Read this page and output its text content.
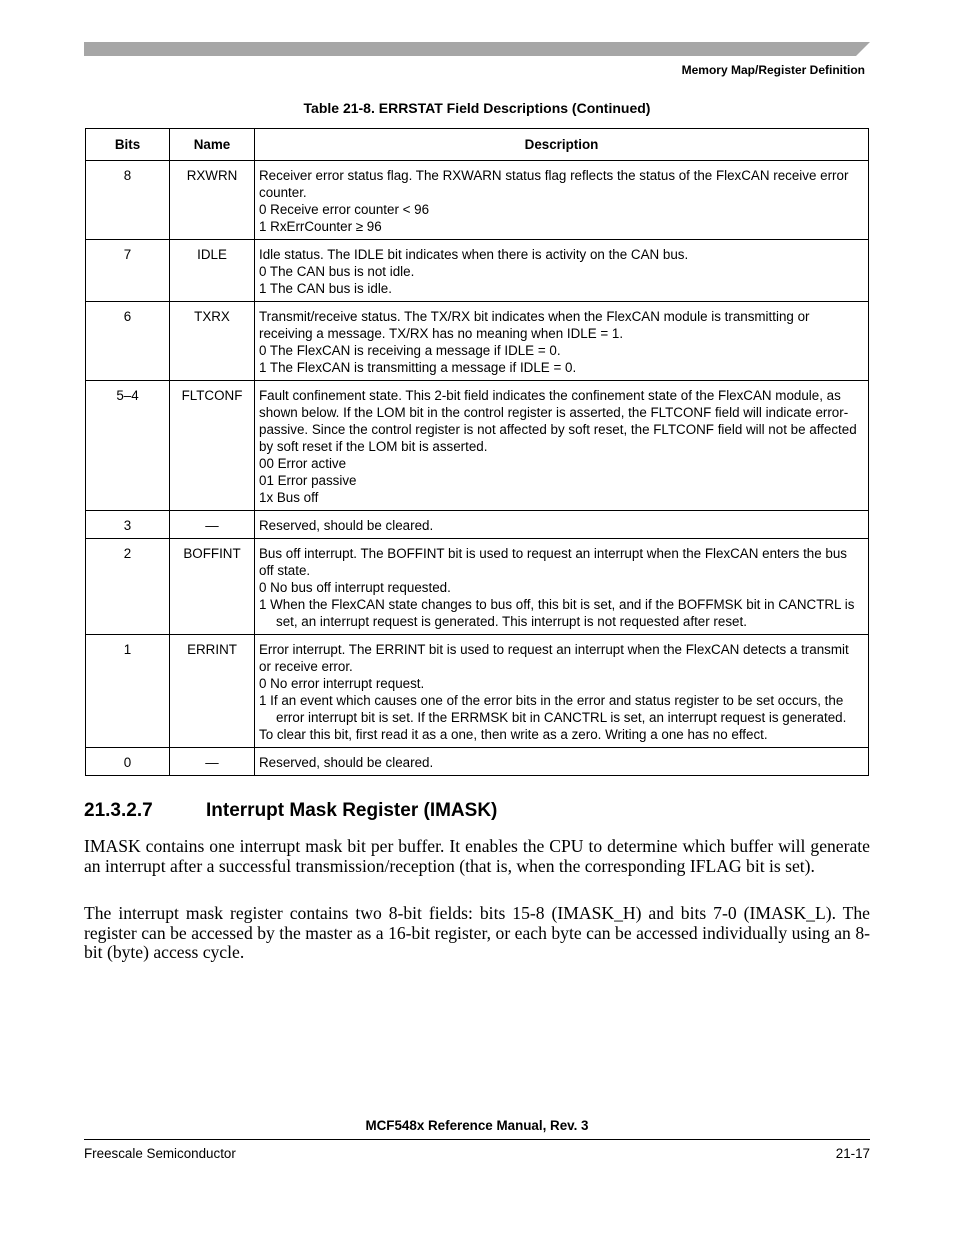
Memory Map/Register Definition
Table 21-8. ERRSTAT Field Descriptions (Continued)
Bits	Name	Description
8	RXWRN	Receiver error status flag. The RXWARN status flag reflects the status of the FlexCAN receive error counter.
0 Receive error counter < 96
1 RxErrCounter ≥ 96

7	IDLE	Idle status. The IDLE bit indicates when there is activity on the CAN bus.
0 The CAN bus is not idle.
1 The CAN bus is idle.

6	TXRX	Transmit/receive status. The TX/RX bit indicates when the FlexCAN module is transmitting or receiving a message. TX/RX has no meaning when IDLE = 1.
0 The FlexCAN is receiving a message if IDLE = 0.
1 The FlexCAN is transmitting a message if IDLE = 0.

5–4	FLTCONF	Fault confinement state. This 2-bit field indicates the confinement state of the FlexCAN module, as shown below. If the LOM bit in the control register is asserted, the FLTCONF field will indicate error-passive. Since the control register is not affected by soft reset, the FLTCONF field will not be affected by soft reset if the LOM bit is asserted.
00 Error active
01 Error passive
1x Bus off

3	—	Reserved, should be cleared.

2	BOFFINT	Bus off interrupt. The BOFFINT bit is used to request an interrupt when the FlexCAN enters the bus off state.
0 No bus off interrupt requested.
1 When the FlexCAN state changes to bus off, this bit is set, and if the BOFFMSK bit in CANCTRL is set, an interrupt request is generated. This interrupt is not requested after reset.

1	ERRINT	Error interrupt. The ERRINT bit is used to request an interrupt when the FlexCAN detects a transmit or receive error.
0 No error interrupt request.
1 If an event which causes one of the error bits in the error and status register to be set occurs, the error interrupt bit is set. If the ERRMSK bit in CANCTRL is set, an interrupt request is generated.
To clear this bit, first read it as a one, then write as a zero. Writing a one has no effect.

0	—	Reserved, should be cleared.
21.3.2.7	Interrupt Mask Register (IMASK)

IMASK contains one interrupt mask bit per buffer. It enables the CPU to determine which buffer will generate an interrupt after a successful transmission/reception (that is, when the corresponding IFLAG bit is set).

The interrupt mask register contains two 8-bit fields: bits 15-8 (IMASK_H) and bits 7-0 (IMASK_L). The register can be accessed by the master as a 16-bit register, or each byte can be accessed individually using an 8-bit (byte) access cycle.

MCF548x Reference Manual, Rev. 3
Freescale Semiconductor	21-17
